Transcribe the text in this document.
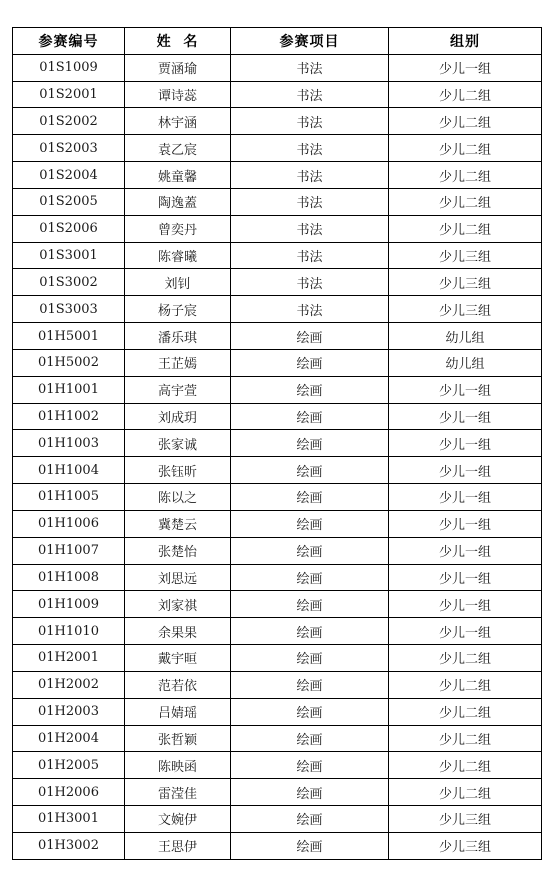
参赛编号	姓  名	参赛项目	组别
01S1009	贾涵瑜	书法	少儿一组
01S2001	谭诗蕊	书法	少儿二组
01S2002	林宇涵	书法	少儿二组
01S2003	袁乙宸	书法	少儿二组
01S2004	姚童馨	书法	少儿二组
01S2005	陶逸蓋	书法	少儿二组
01S2006	曾奕丹	书法	少儿二组
01S3001	陈睿曦	书法	少儿三组
01S3002	刘钊	书法	少儿三组
01S3003	杨子宸	书法	少儿三组
01H5001	潘乐琪	绘画	幼儿组
01H5002	王芷嫣	绘画	幼儿组
01H1001	高宇萱	绘画	少儿一组
01H1002	刘成玥	绘画	少儿一组
01H1003	张家诚	绘画	少儿一组
01H1004	张钰昕	绘画	少儿一组
01H1005	陈以之	绘画	少儿一组
01H1006	冀楚云	绘画	少儿一组
01H1007	张楚怡	绘画	少儿一组
01H1008	刘思远	绘画	少儿一组
01H1009	刘家祺	绘画	少儿一组
01H1010	余果果	绘画	少儿一组
01H2001	戴宇晅	绘画	少儿二组
01H2002	范若依	绘画	少儿二组
01H2003	吕婧瑶	绘画	少儿二组
01H2004	张哲颖	绘画	少儿二组
01H2005	陈映函	绘画	少儿二组
01H2006	雷滢佳	绘画	少儿二组
01H3001	文婉伊	绘画	少儿三组
01H3002	王思伊	绘画	少儿三组
